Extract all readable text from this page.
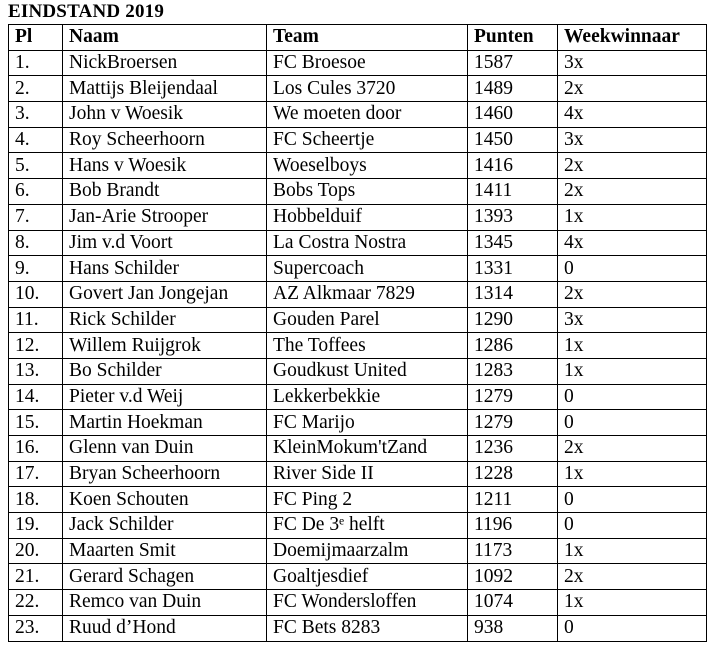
EINDSTAND 2019
Pl	Naam	Team	Punten	Weekwinnaar
1.	NickBroersen	FC Broesoe	1587	3x
2.	Mattijs Bleijendaal	Los Cules 3720	1489	2x
3.	John v Woesik	We moeten door	1460	4x
4.	Roy Scheerhoorn	FC Scheertje	1450	3x
5.	Hans v Woesik	Woeselboys	1416	2x
6.	Bob Brandt	Bobs Tops	1411	2x
7.	Jan-Arie Strooper	Hobbelduif	1393	1x
8.	Jim v.d Voort	La Costra Nostra	1345	4x
9.	Hans Schilder	Supercoach	1331	0
10.	Govert Jan Jongejan	AZ Alkmaar 7829	1314	2x
11.	Rick Schilder	Gouden Parel	1290	3x
12.	Willem Ruijgrok	The Toffees	1286	1x
13.	Bo Schilder	Goudkust United	1283	1x
14.	Pieter v.d Weij	Lekkerbekkie	1279	0
15.	Martin Hoekman	FC Marijo	1279	0
16.	Glenn van Duin	KleinMokum'tZand	1236	2x
17.	Bryan Scheerhoorn	River Side II	1228	1x
18.	Koen Schouten	FC Ping 2	1211	0
19.	Jack Schilder	FC De 3ᵉ helft	1196	0
20.	Maarten Smit	Doemijmaarzalm	1173	1x
21.	Gerard Schagen	Goaltjesdief	1092	2x
22.	Remco van Duin	FC Wondersloffen	1074	1x
23.	Ruud d’Hond	FC Bets 8283	938	0
